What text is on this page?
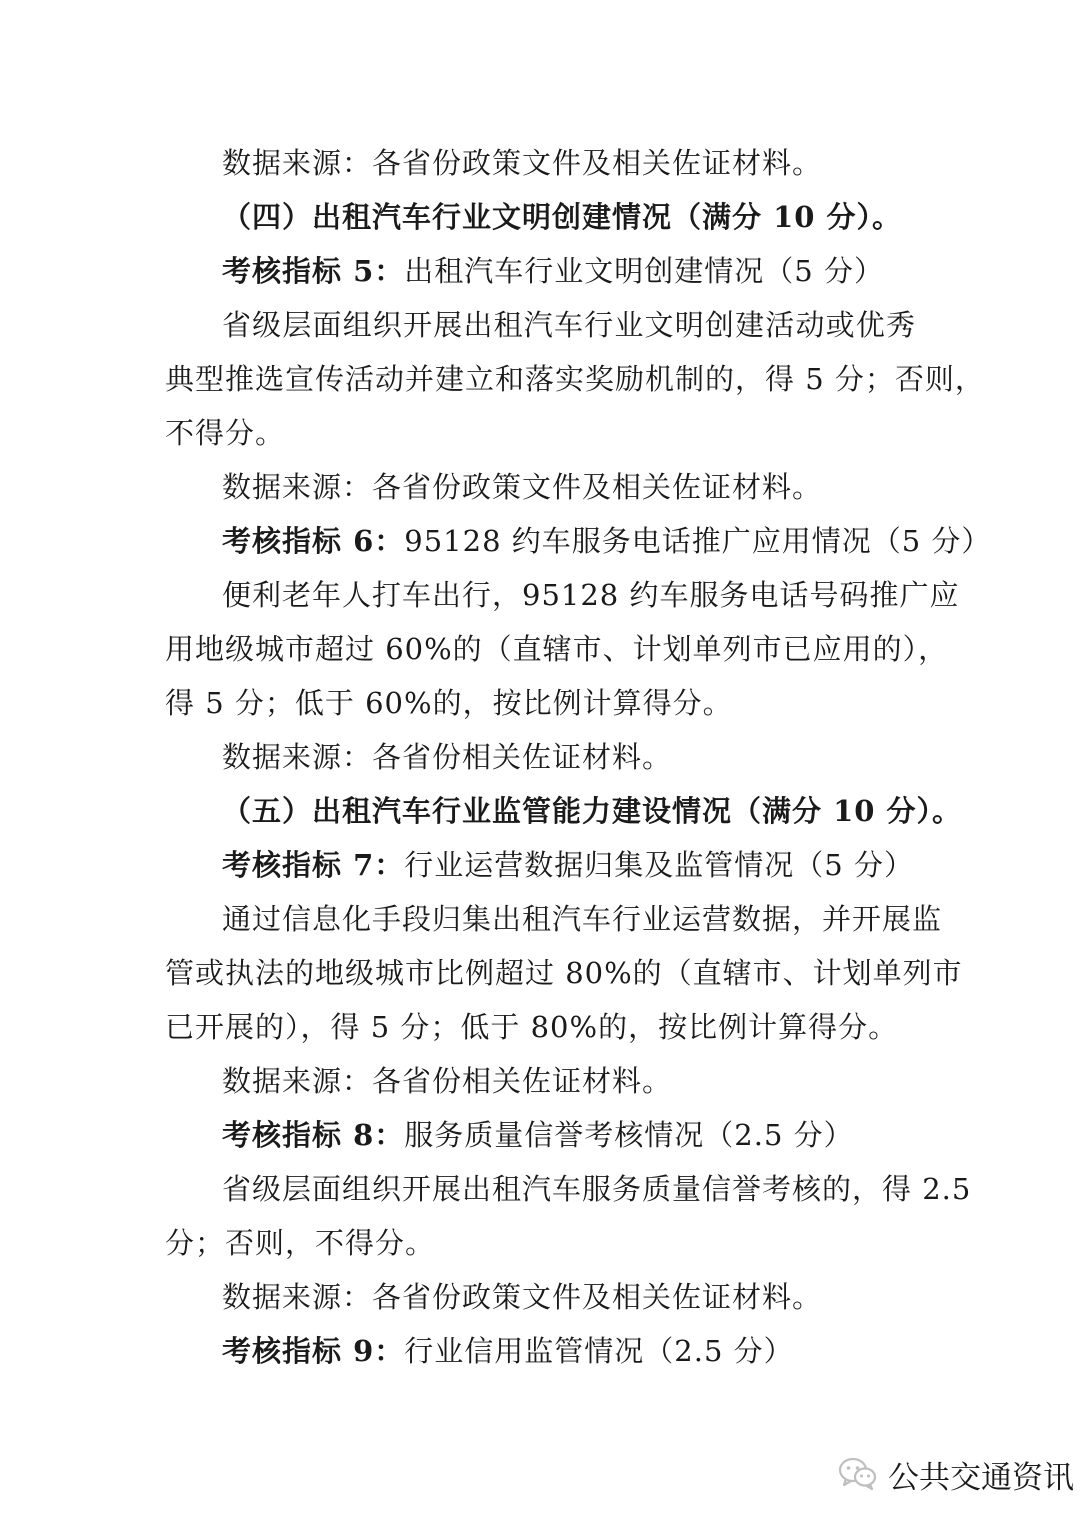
数据来源：各省份政策文件及相关佐证材料。
（四）出租汽车行业文明创建情况（满分 10 分）。
考核指标 5：出租汽车行业文明创建情况（5 分）
省级层面组织开展出租汽车行业文明创建活动或优秀
典型推选宣传活动并建立和落实奖励机制的，得 5 分；否则，
不得分。
数据来源：各省份政策文件及相关佐证材料。
考核指标 6：95128 约车服务电话推广应用情况（5 分）
便利老年人打车出行，95128 约车服务电话号码推广应
用地级城市超过 60%的（直辖市、计划单列市已应用的），
得 5 分；低于 60%的，按比例计算得分。
数据来源：各省份相关佐证材料。
（五）出租汽车行业监管能力建设情况（满分 10 分）。
考核指标 7：行业运营数据归集及监管情况（5 分）
通过信息化手段归集出租汽车行业运营数据，并开展监
管或执法的地级城市比例超过 80%的（直辖市、计划单列市
已开展的），得 5 分；低于 80%的，按比例计算得分。
数据来源：各省份相关佐证材料。
考核指标 8：服务质量信誉考核情况（2.5 分）
省级层面组织开展出租汽车服务质量信誉考核的，得 2.5
分；否则，不得分。
数据来源：各省份政策文件及相关佐证材料。
考核指标 9：行业信用监管情况（2.5 分）
公共交通资讯
